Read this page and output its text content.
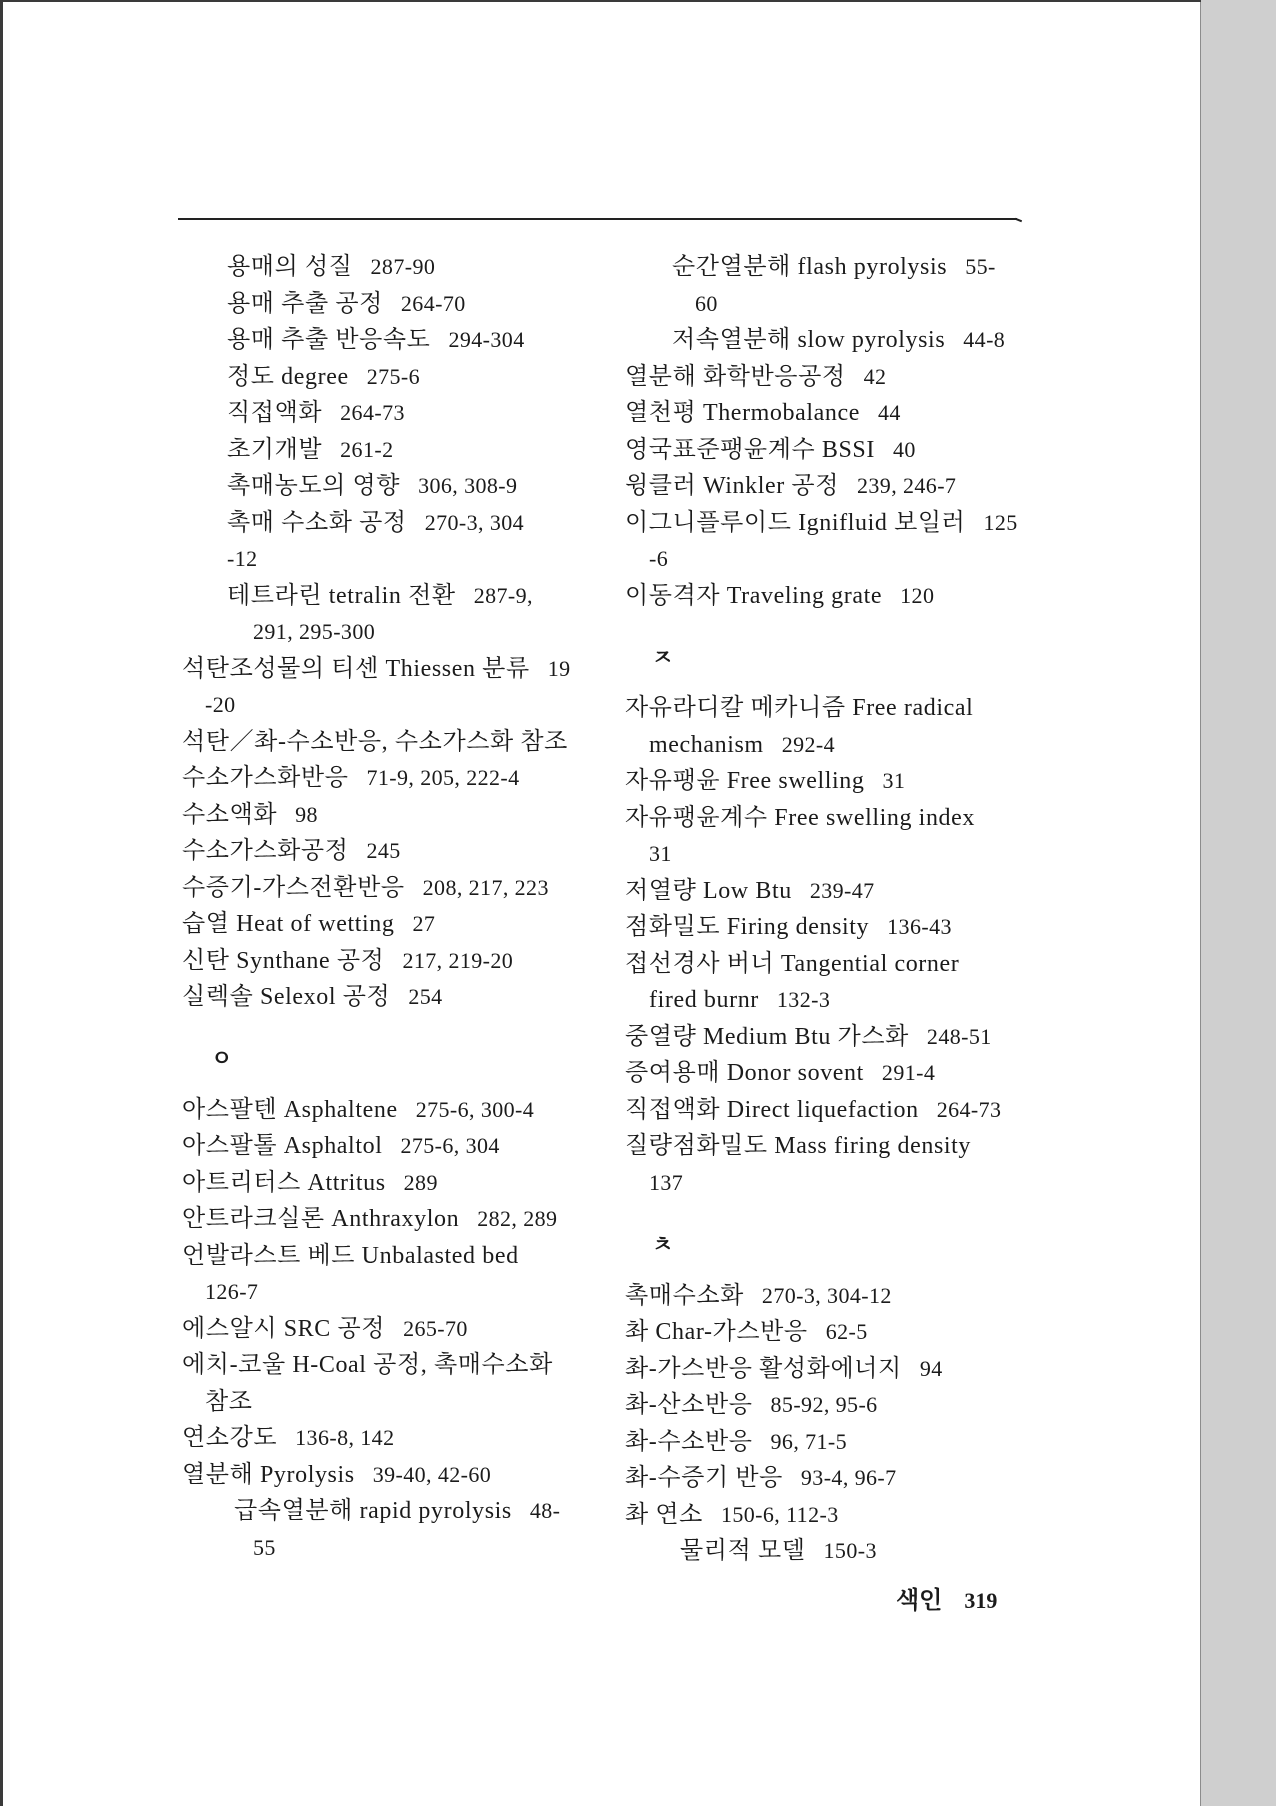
용매의 성질 287-90
용매 추출 공정 264-70
용매 추출 반응속도 294-304
정도 degree 275-6
직접액화 264-73
초기개발 261-2
촉매농도의 영향 306, 308-9
촉매 수소화 공정 270-3, 304
-12
테트라린 tetralin 전환 287-9,
291, 295-300
석탄조성물의 티센 Thiessen 분류 19
-20
석탄／촤-수소반응, 수소가스화 참조
수소가스화반응 71-9, 205, 222-4
수소액화 98
수소가스화공정 245
수증기-가스전환반응 208, 217, 223
습열 Heat of wetting 27
신탄 Synthane 공정 217, 219-20
실렉솔 Selexol 공정 254
ㅇ
아스팔텐 Asphaltene 275-6, 300-4
아스팔톨 Asphaltol 275-6, 304
아트리터스 Attritus 289
안트라크실론 Anthraxylon 282, 289
언발라스트 베드 Unbalasted bed
126-7
에스알시 SRC 공정 265-70
에치-코울 H-Coal 공정, 촉매수소화
참조
연소강도 136-8, 142
열분해 Pyrolysis 39-40, 42-60
급속열분해 rapid pyrolysis 48-
55
순간열분해 flash pyrolysis 55-
60
저속열분해 slow pyrolysis 44-8
열분해 화학반응공정 42
열천평 Thermobalance 44
영국표준팽윤계수 BSSI 40
윙클러 Winkler 공정 239, 246-7
이그니플루이드 Ignifluid 보일러 125
-6
이동격자 Traveling grate 120
ㅈ
자유라디칼 메카니즘 Free radical
mechanism 292-4
자유팽윤 Free swelling 31
자유팽윤계수 Free swelling index
31
저열량 Low Btu 239-47
점화밀도 Firing density 136-43
접선경사 버너 Tangential corner
fired burnr 132-3
중열량 Medium Btu 가스화 248-51
증여용매 Donor sovent 291-4
직접액화 Direct liquefaction 264-73
질량점화밀도 Mass firing density
137
ㅊ
촉매수소화 270-3, 304-12
촤 Char-가스반응 62-5
촤-가스반응 활성화에너지 94
촤-산소반응 85-92, 95-6
촤-수소반응 96, 71-5
촤-수증기 반응 93-4, 96-7
촤 연소 150-6, 112-3
물리적 모델 150-3
색인 319
